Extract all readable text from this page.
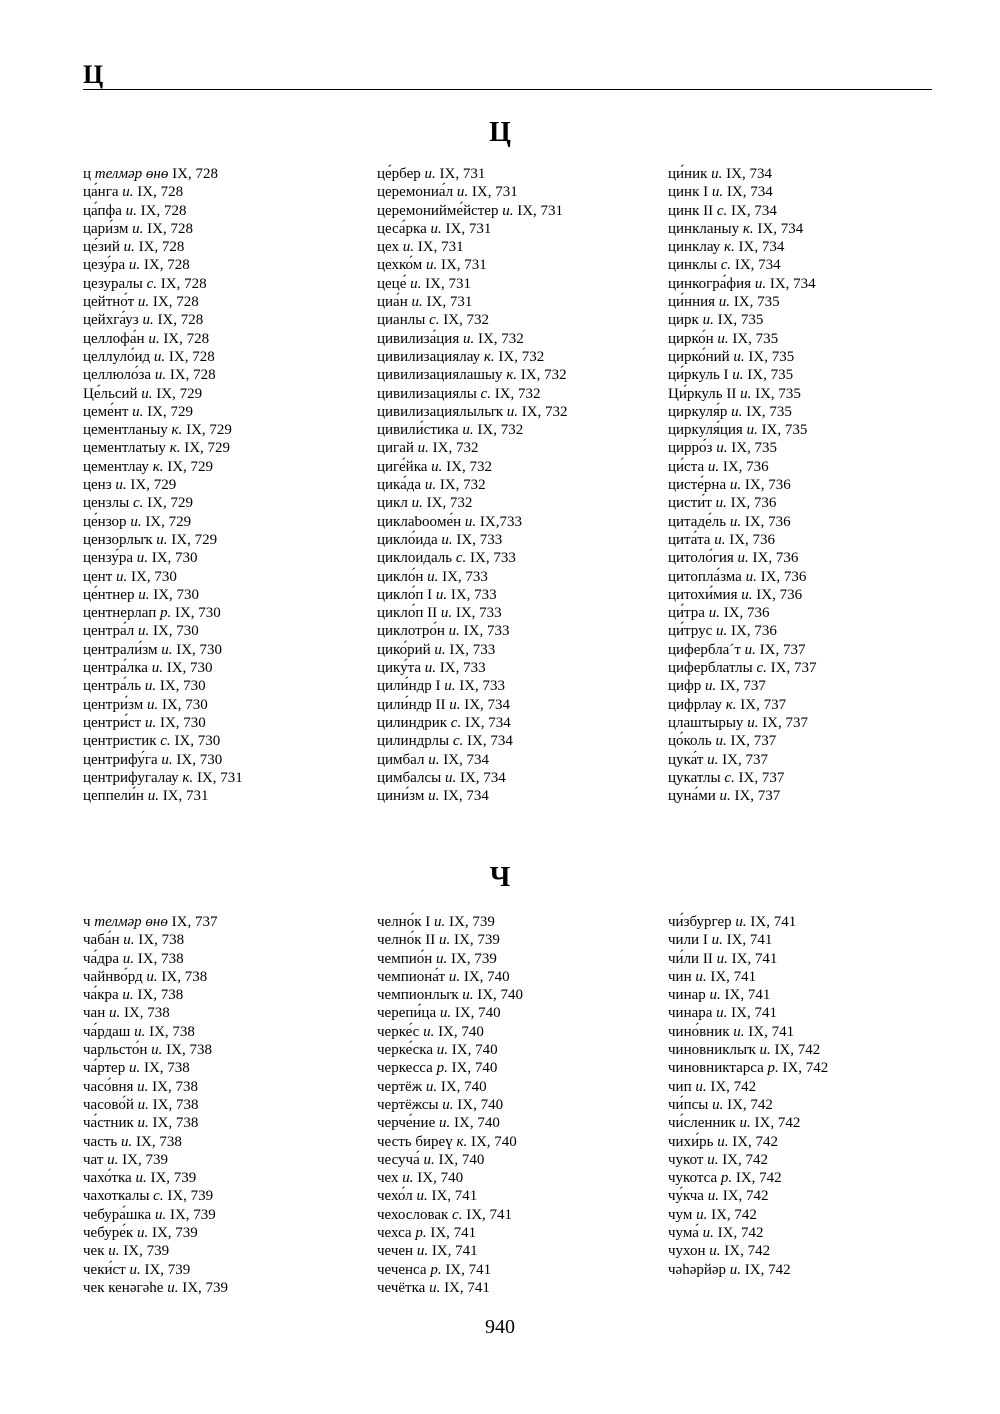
Ц
Ц
ц телмәр өнө IX, 728
ца́нга и. IX, 728
ца́пфа и. IX, 728
цари́зм и. IX, 728
це́зий и. IX, 728
цезу́ра и. IX, 728
цезуралы с. IX, 728
цейтно́т и. IX, 728
цейхга́уз и. IX, 728
целлофа́н и. IX, 728
целлуло́ид и. IX, 728
целлюло́за и. IX, 728
Це́льсий и. IX, 729
цеме́нт и. IX, 729
цементланыу к. IX, 729
цементлатыу к. IX, 729
цементлау к. IX, 729
ценз и. IX, 729
цензлы с. IX, 729
це́нзор и. IX, 729
цензорлыҡ и. IX, 729
цензу́ра и. IX, 730
цент и. IX, 730
це́нтнер и. IX, 730
центнерлап р. IX, 730
центра́л и. IX, 730
централи́зм и. IX, 730
центра́лка и. IX, 730
центра́ль и. IX, 730
центри́зм и. IX, 730
центри́ст и. IX, 730
центристик с. IX, 730
центрифу́га и. IX, 730
центрифугалау к. IX, 731
цеппели́н и. IX, 731
це́рбер и. IX, 731
церемониа́л и. IX, 731
церемонийме́йстер и. IX, 731
цеса́рка и. IX, 731
цех и. IX, 731
цехко́м и. IX, 731
цеце́ и. IX, 731
циа́н и. IX, 731
цианлы с. IX, 732
цивилиза́ция и. IX, 732
цивилизациялау к. IX, 732
цивилизациялашыу к. IX, 732
цивилизациялы с. IX, 732
цивилизациялылыҡ и. IX, 732
цивили́стика и. IX, 732
цигай и. IX, 732
циге́йка и. IX, 732
цика́да и. IX, 732
цикл и. IX, 732
циклаbooме́н и. IX,733
цикло́ида и. IX, 733
циклоидаль с. IX, 733
цикло́н и. IX, 733
цикло́п I и. IX, 733
цикло́п II и. IX, 733
циклотро́н и. IX, 733
цико́рий и. IX, 733
цику́та и. IX, 733
цили́ндр I и. IX, 733
цили́ндр II и. IX, 734
цилиндрик с. IX, 734
цилиндрлы с. IX, 734
цимбал и. IX, 734
цимбалсы и. IX, 734
цини́зм и. IX, 734
ци́ник и. IX, 734
цинк I и. IX, 734
цинк II с. IX, 734
цинкланыу к. IX, 734
цинклау к. IX, 734
цинклы с. IX, 734
цинкогра́фия и. IX, 734
ци́нния и. IX, 735
цирк и. IX, 735
цирко́н и. IX, 735
цирко́ний и. IX, 735
ци́ркуль I и. IX, 735
Ци́ркуль II и. IX, 735
циркуля́р и. IX, 735
циркуля́ция и. IX, 735
цирро́з и. IX, 735
ци́ста и. IX, 736
цисте́рна и. IX, 736
цисти́т и. IX, 736
цитаде́ль и. IX, 736
цита́та и. IX, 736
цитоло́гия и. IX, 736
цитопла́зма и. IX, 736
цитохи́мия и. IX, 736
ци́тра и. IX, 736
ци́трус и. IX, 736
циферблa´т и. IX, 737
циферблатлы с. IX, 737
цифр и. IX, 737
цифрлау к. IX, 737
цлаштырыу и. IX, 737
цо́коль и. IX, 737
цука́т и. IX, 737
цукатлы с. IX, 737
цуна́ми и. IX, 737
Ч
ч телмәр өнө IX, 737
чаба́н и. IX, 738
ча́дра и. IX, 738
чайнво́рд и. IX, 738
ча́кра и. IX, 738
чан и. IX, 738
ча́рдаш и. IX, 738
чарльсто́н и. IX, 738
ча́ртер и. IX, 738
часо́вня и. IX, 738
часово́й и. IX, 738
ча́стник и. IX, 738
часть и. IX, 738
чат и. IX, 739
чахо́тка и. IX, 739
чахоткалы с. IX, 739
чебура́шка и. IX, 739
чебуре́к и. IX, 739
чек и. IX, 739
чеки́ст и. IX, 739
чек кенәгәһе и. IX, 739
челно́к I и. IX, 739
челно́к II и. IX, 739
чемпио́н и. IX, 739
чемпиона́т и. IX, 740
чемпионлыҡ и. IX, 740
черепи́ца и. IX, 740
черке́с и. IX, 740
черке́ска и. IX, 740
черкесса р. IX, 740
чертёж и. IX, 740
чертёжсы и. IX, 740
черче́ние и. IX, 740
честь биреү к. IX, 740
чесуча́ и. IX, 740
чех и. IX, 740
чехо́л и. IX, 741
чехословак с. IX, 741
чехса р. IX, 741
чечен и. IX, 741
чеченса р. IX, 741
чечётка и. IX, 741
чи́збургер и. IX, 741
чили I и. IX, 741
чи́ли II и. IX, 741
чин и. IX, 741
чинар и. IX, 741
чинара и. IX, 741
чино́вник и. IX, 741
чиновниклыҡ и. IX, 742
чиновниктарса р. IX, 742
чип и. IX, 742
чи́псы и. IX, 742
чи́сленник и. IX, 742
чихи́рь и. IX, 742
чукот и. IX, 742
чукотса р. IX, 742
чу́кча и. IX, 742
чум и. IX, 742
чума́ и. IX, 742
чухон и. IX, 742
чәһәрйәр и. IX, 742
940
